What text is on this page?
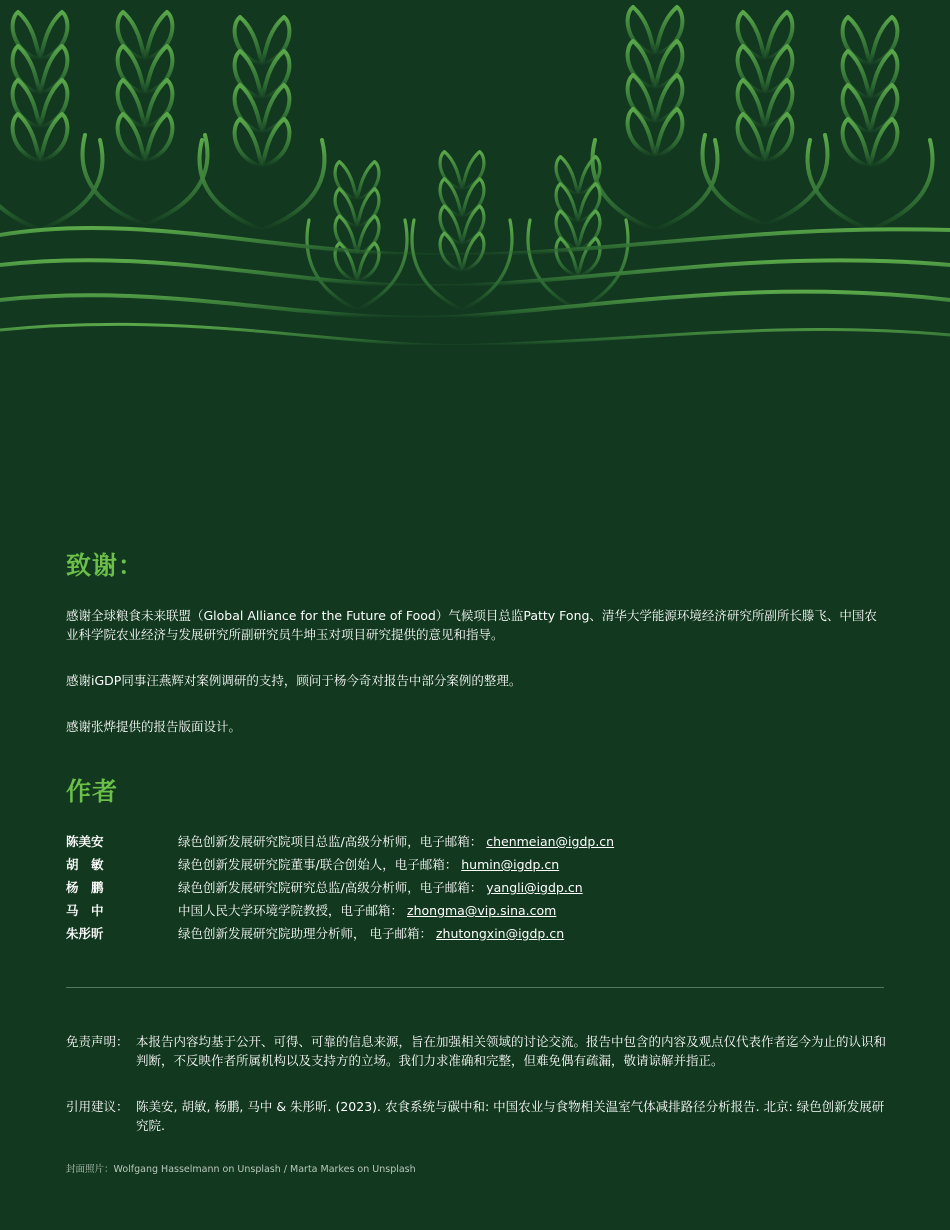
致谢：

感谢全球粮食未来联盟（Global Alliance for the Future of Food）气候项目总监Patty Fong、清华大学能源环境经济研究所副所长滕飞、中国农业科学院农业经济与发展研究所副研究员牛坤玉对项目研究提供的意见和指导。

感谢iGDP同事汪燕辉对案例调研的支持，顾问于杨今奇对报告中部分案例的整理。

感谢张烨提供的报告版面设计。

作者
陈美安	绿色创新发展研究院项目总监/高级分析师，电子邮箱： chenmeian@igdp.cn
胡　敏	绿色创新发展研究院董事/联合创始人，电子邮箱： humin@igdp.cn
杨　鹏	绿色创新发展研究院研究总监/高级分析师，电子邮箱： yangli@igdp.cn
马　中	中国人民大学环境学院教授，电子邮箱： zhongma@vip.sina.com
朱彤昕	绿色创新发展研究院助理分析师， 电子邮箱： zhutongxin@igdp.cn
免责声明： 本报告内容均基于公开、可得、可靠的信息来源，旨在加强相关领域的讨论交流。报告中包含的内容及观点仅代表作者迄今为止的认识和判断，不反映作者所属机构以及支持方的立场。我们力求准确和完整，但难免偶有疏漏，敬请谅解并指正。
引用建议： 陈美安, 胡敏, 杨鹏, 马中 & 朱彤昕. (2023). 农食系统与碳中和: 中国农业与食物相关温室气体减排路径分析报告. 北京: 绿色创新发展研究院.
封面照片：Wolfgang Hasselmann on Unsplash / Marta Markes on Unsplash
